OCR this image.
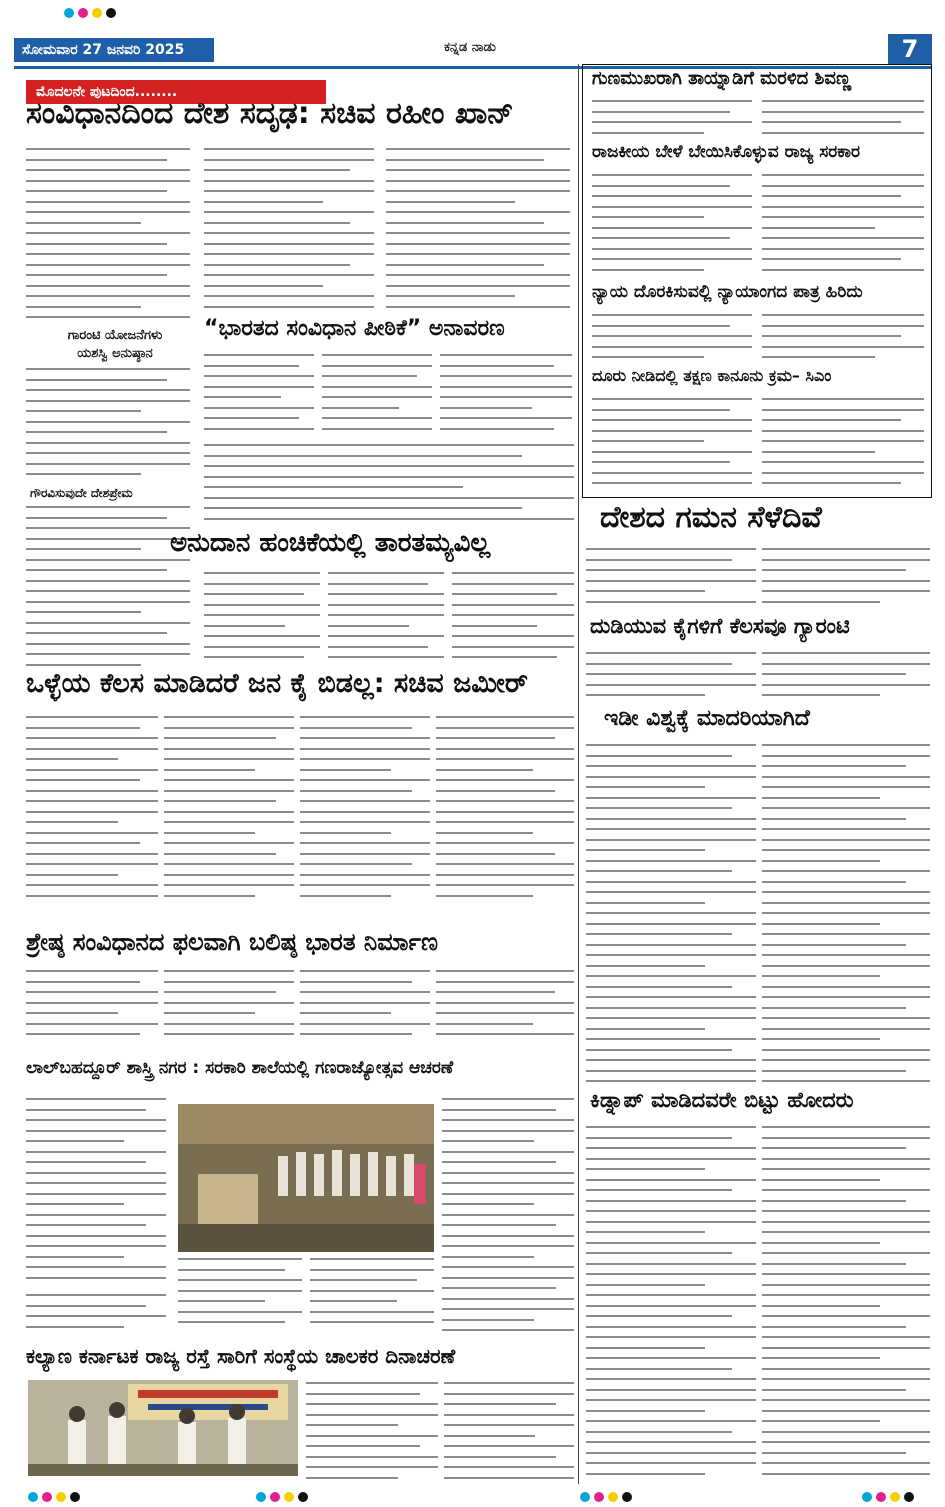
ಸೋಮವಾರ 27 ಜನವರಿ 2025	ಕನ್ನಡ ನಾಡು	7
ಮೊದಲನೇ ಪುಟದಿಂದ........
ಸಂವಿಧಾನದಿಂದ ದೇಶ ಸದೃಢ: ಸಚಿವ ರಹೀಂ ಖಾನ್
ಗಾರಂಟಿ ಯೋಜನೆಗಳು
ಯಶಸ್ವಿ ಅನುಷ್ಠಾನ
ಗೌರವಿಸುವುದೇ ದೇಶಪ್ರೇಮ
“ಭಾರತದ ಸಂವಿಧಾನ ಪೀಠಿಕೆ” ಅನಾವರಣ
ಅನುದಾನ ಹಂಚಿಕೆಯಲ್ಲಿ ತಾರತಮ್ಯವಿಲ್ಲ
ಒಳ್ಳೆಯ ಕೆಲಸ ಮಾಡಿದರೆ ಜನ ಕೈ ಬಿಡಲ್ಲ: ಸಚಿವ ಜಮೀರ್
ಶ್ರೇಷ್ಠ ಸಂವಿಧಾನದ ಫಲವಾಗಿ ಬಲಿಷ್ಠ ಭಾರತ ನಿರ್ಮಾಣ
ಲಾಲ್‌ಬಹದ್ದೂರ್ ಶಾಸ್ತ್ರಿ ನಗರ : ಸರಕಾರಿ ಶಾಲೆಯಲ್ಲಿ ಗಣರಾಜ್ಯೋತ್ಸವ ಆಚರಣೆ
ಕಲ್ಯಾಣ ಕರ್ನಾಟಕ ರಾಜ್ಯ ರಸ್ತೆ ಸಾರಿಗೆ ಸಂಸ್ಥೆಯ ಚಾಲಕರ ದಿನಾಚರಣೆ
ಗುಣಮುಖರಾಗಿ ತಾಯ್ನಾಡಿಗೆ ಮರಳಿದ ಶಿವಣ್ಣ
ರಾಜಕೀಯ ಬೇಳೆ ಬೇಯಿಸಿಕೊಳ್ಳುವ ರಾಜ್ಯ ಸರಕಾರ
ನ್ಯಾಯ ದೊರಕಿಸುವಲ್ಲಿ ನ್ಯಾಯಾಂಗದ ಪಾತ್ರ ಹಿರಿದು
ದೂರು ನೀಡಿದಲ್ಲಿ ತಕ್ಷಣ ಕಾನೂನು ಕ್ರಮ– ಸಿಎಂ
ದೇಶದ ಗಮನ ಸೆಳೆದಿವೆ
ದುಡಿಯುವ ಕೈಗಳಿಗೆ ಕೆಲಸವೂ ಗ್ಯಾರಂಟಿ
ಇಡೀ ವಿಶ್ವಕ್ಕೆ ಮಾದರಿಯಾಗಿದೆ
ಕಿಡ್ನಾಪ್ ಮಾಡಿದವರೇ ಬಿಟ್ಟು ಹೋದರು
